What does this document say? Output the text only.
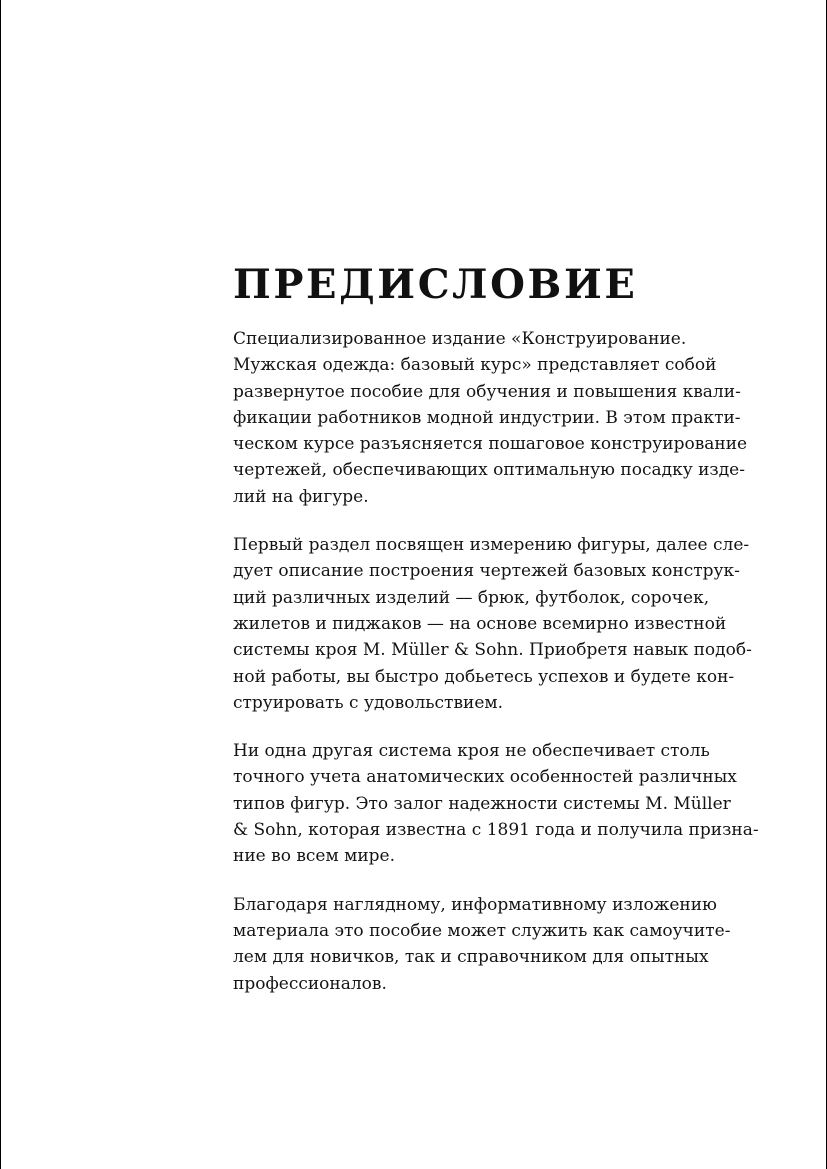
ПРЕДИСЛОВИЕ

Специализированное издание «Конструирование.
Мужская одежда: базовый курс» представляет собой
развернутое пособие для обучения и повышения квали-
фикации работников модной индустрии. В этом практи-
ческом курсе разъясняется пошаговое конструирование
чертежей, обеспечивающих оптимальную посадку изде-
лий на фигуре.

Первый раздел посвящен измерению фигуры, далее сле-
дует описание построения чертежей базовых конструк-
ций различных изделий — брюк, футболок, сорочек,
жилетов и пиджаков — на основе всемирно известной
системы кроя M. Müller & Sohn. Приобретя навык подоб-
ной работы, вы быстро добьетесь успехов и будете кон-
струировать с удовольствием.

Ни одна другая система кроя не обеспечивает столь
точного учета анатомических особенностей различных
типов фигур. Это залог надежности системы M. Müller
& Sohn, которая известна с 1891 года и получила призна-
ние во всем мире.

Благодаря наглядному, информативному изложению
материала это пособие может служить как самоучите-
лем для новичков, так и справочником для опытных
профессионалов.
